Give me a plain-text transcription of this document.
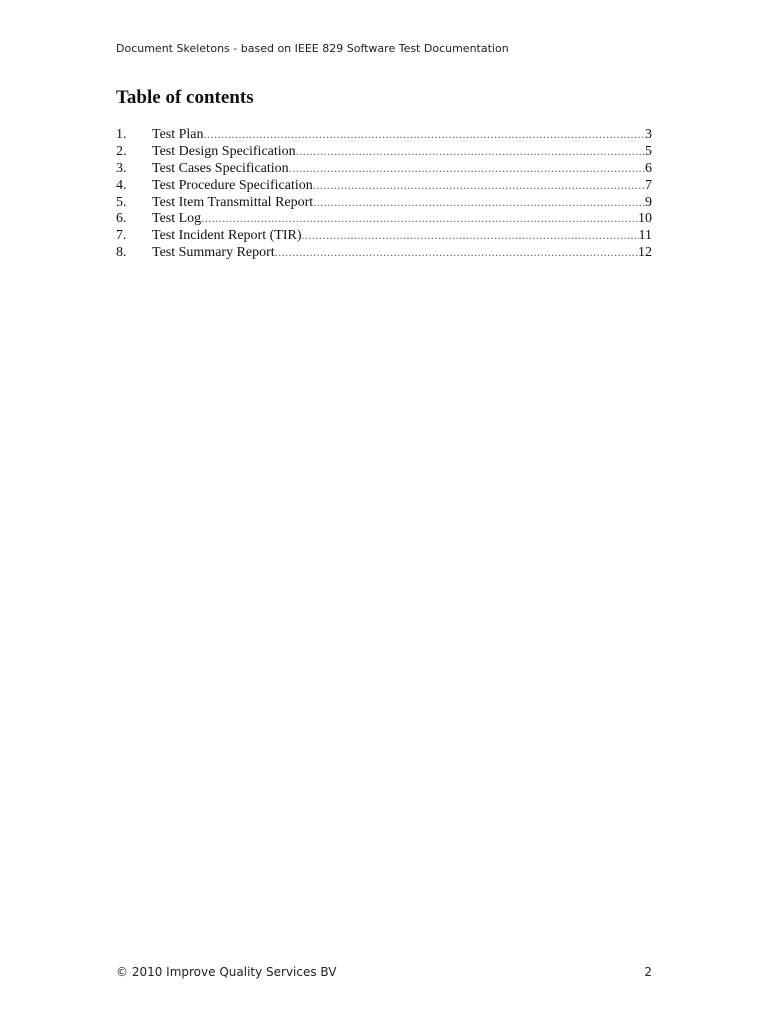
Document Skeletons - based on IEEE 829 Software Test Documentation
Table of contents
1.	Test Plan .....	3
2.	Test Design Specification .....	5
3.	Test Cases Specification .....	6
4.	Test Procedure Specification .....	7
5.	Test Item Transmittal Report .....	9
6.	Test Log .....	10
7.	Test Incident Report (TIR) .....	11
8.	Test Summary Report .....	12
© 2010 Improve Quality Services BV	2
